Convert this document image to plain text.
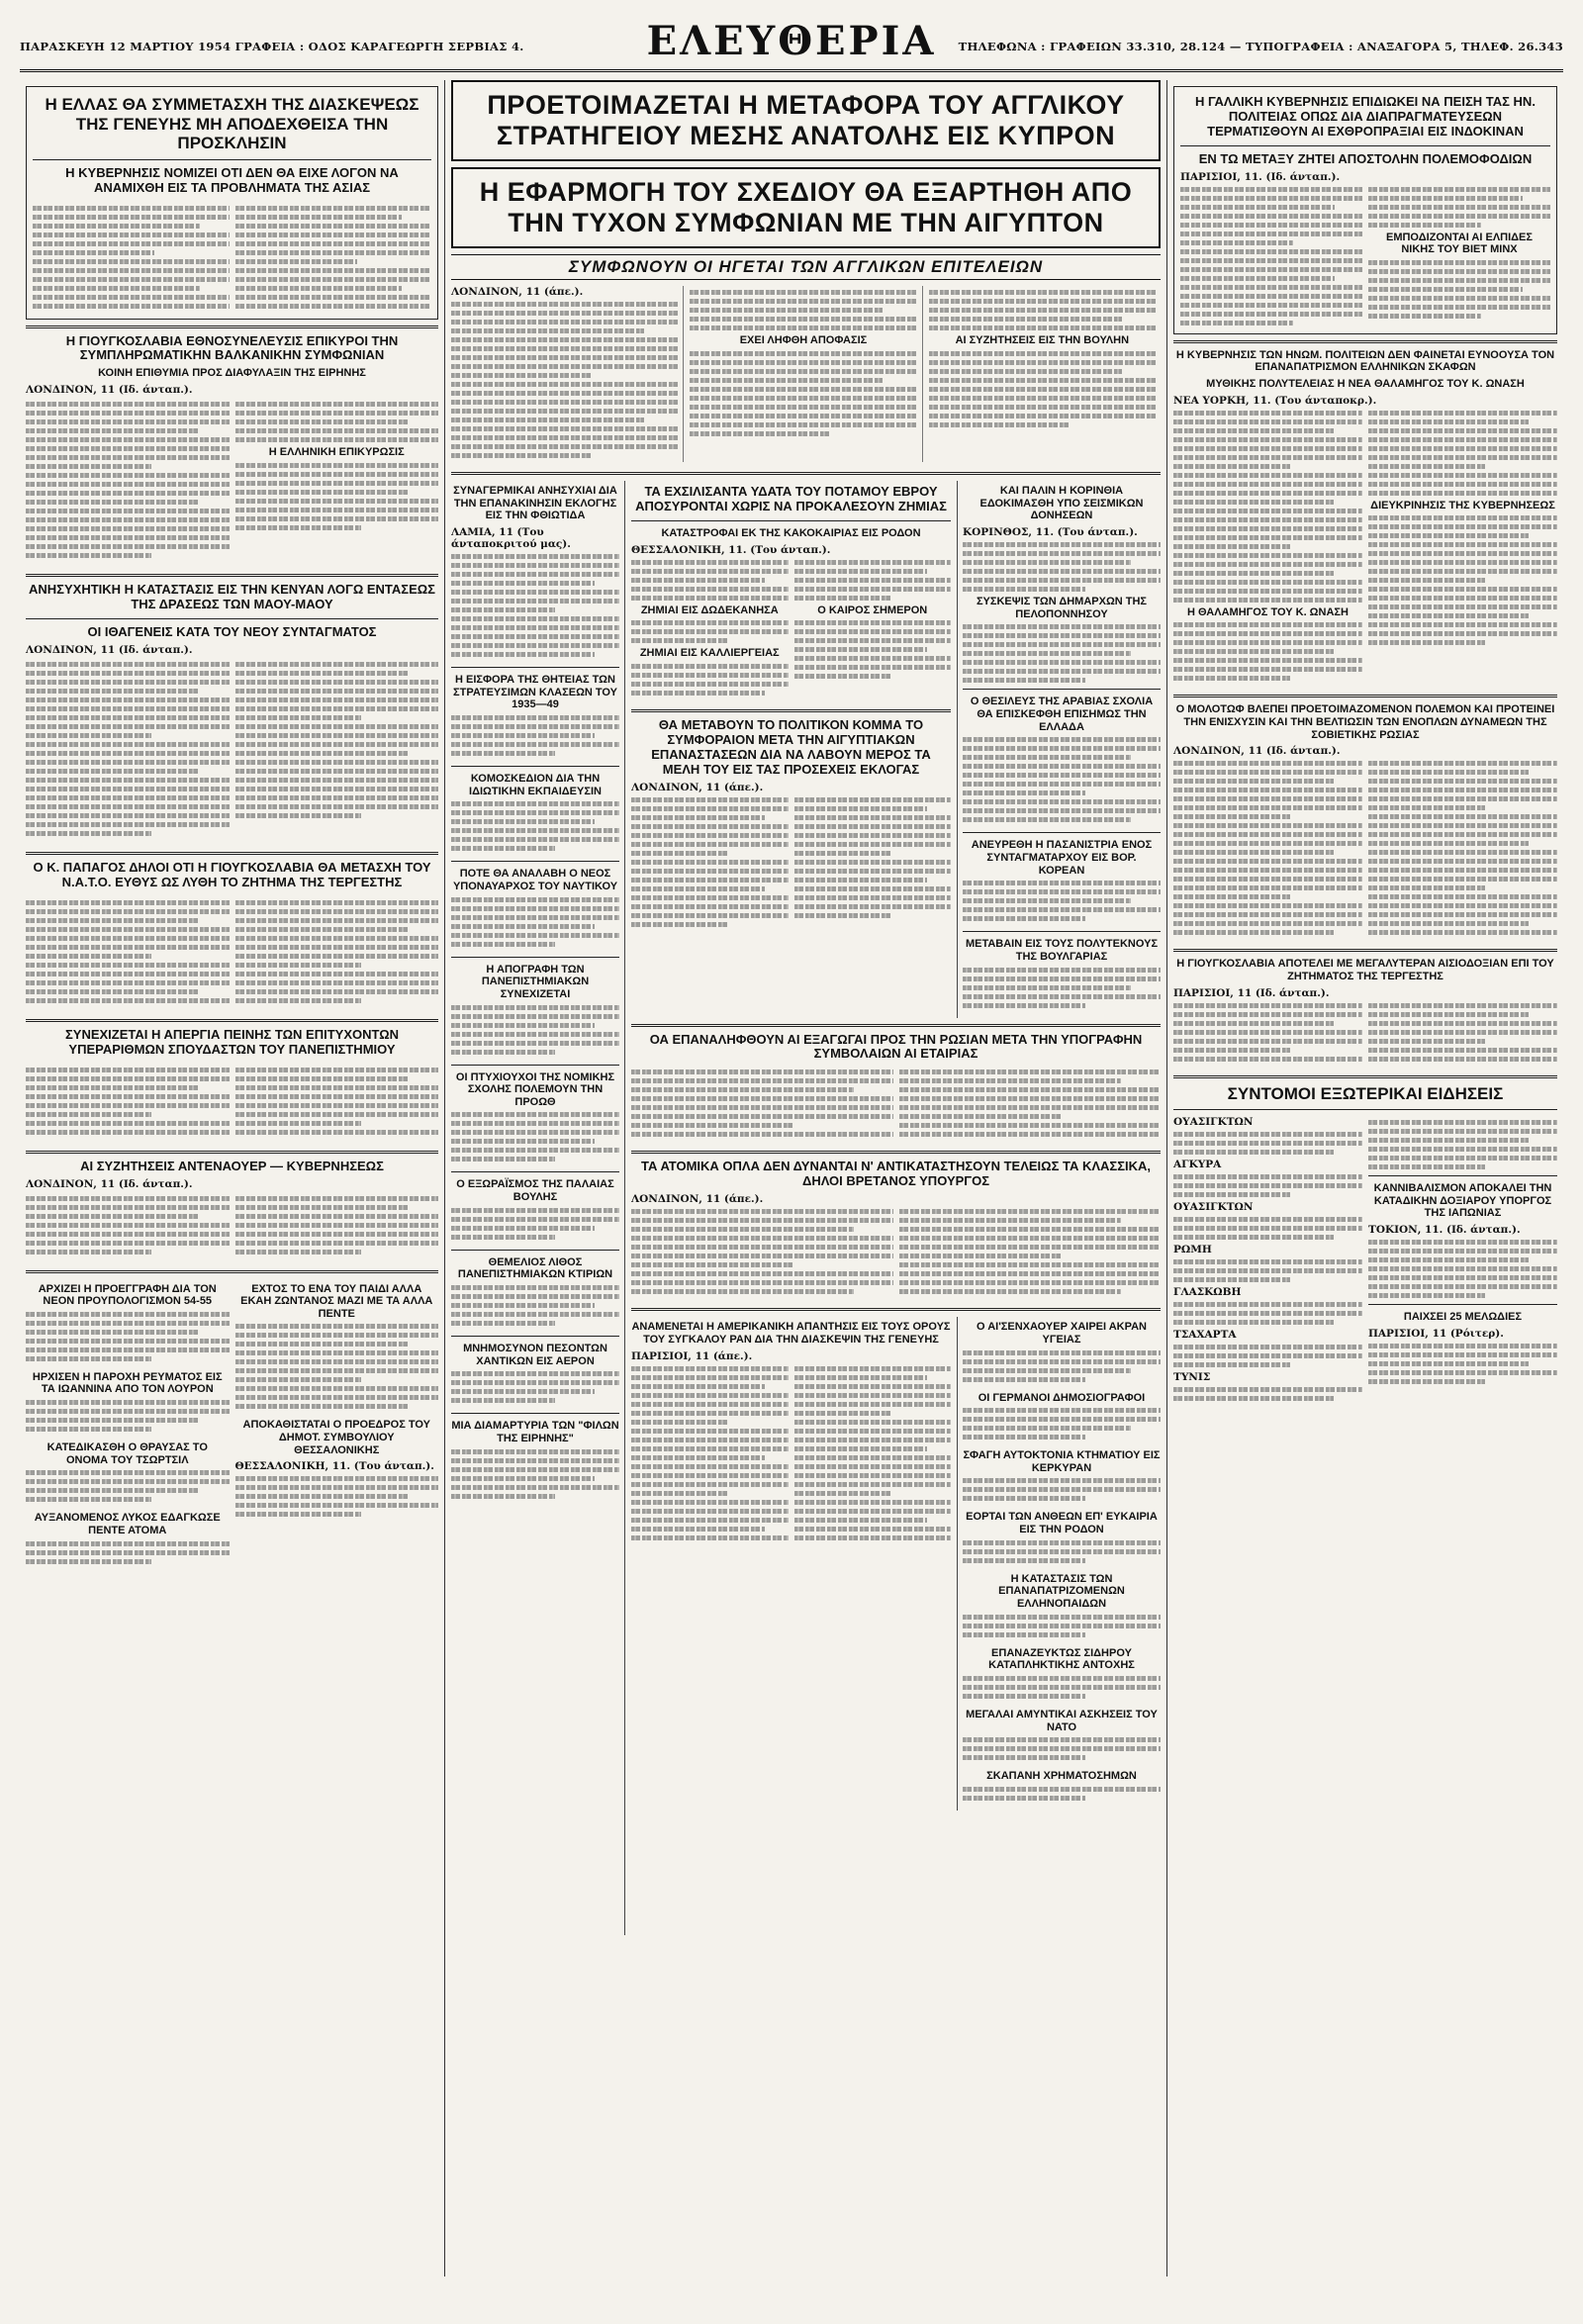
ΠΑΡΑΣΚΕΥΗ 12 ΜΑΡΤΙΟΥ 1954 ΓΡΑΦΕΙΑ : ΟΔΟΣ ΚΑΡΑΓΕΩΡΓΗ ΣΕΡΒΙΑΣ 4.	ΕΛΕΥΘΕΡΙΑ	ΤΗΛΕΦΩΝΑ : ΓΡΑΦΕΙΩΝ 33.310, 28.124 — ΤΥΠΟΓΡΑΦΕΙΑ : ΑΝΑΞΑΓΟΡΑ 5, ΤΗΛΕΦ. 26.343
Η ΕΛΛΑΣ ΘΑ ΣΥΜΜΕΤΑΣΧΗ ΤΗΣ ΔΙΑΣΚΕΨΕΩΣ ΤΗΣ ΓΕΝΕΥΗΣ ΜΗ ΑΠΟΔΕΧΘΕΙΣΑ ΤΗΝ ΠΡΟΣΚΛΗΣΙΝ
Η ΚΥΒΕΡΝΗΣΙΣ ΝΟΜΙΖΕΙ ΟΤΙ ΔΕΝ ΘΑ ΕΙΧΕ ΛΟΓΟΝ ΝΑ ΑΝΑΜΙΧΘΗ ΕΙΣ ΤΑ ΠΡΟΒΛΗΜΑΤΑ ΤΗΣ ΑΣΙΑΣ
Η ΓΙΟΥΓΚΟΣΛΑΒΙΑ ΕΘΝΟΣΥΝΕΛΕΥΣΙΣ ΕΠΙΚΥΡΟΙ ΤΗΝ ΣΥΜΠΛΗΡΩΜΑΤΙΚΗΝ ΒΑΛΚΑΝΙΚΗΝ ΣΥΜΦΩΝΙΑΝ
ΚΟΙΝΗ ΕΠΙΘΥΜΙΑ ΠΡΟΣ ΔΙΑΦΥΛΑΞΙΝ ΤΗΣ ΕΙΡΗΝΗΣ
ΛΟΝΔΙΝΟΝ, 11 (Ιδ. άνταπ.).
Η ΕΛΛΗΝΙΚΗ ΕΠΙΚΥΡΩΣΙΣ
ΑΝΗΣΥΧΗΤΙΚΗ Η ΚΑΤΑΣΤΑΣΙΣ ΕΙΣ ΤΗΝ ΚΕΝΥΑΝ ΛΟΓΩ ΕΝΤΑΣΕΩΣ ΤΗΣ ΔΡΑΣΕΩΣ ΤΩΝ ΜΑΟΥ-ΜΑΟΥ
ΟΙ ΙΘΑΓΕΝΕΙΣ ΚΑΤΑ ΤΟΥ ΝΕΟΥ ΣΥΝΤΑΓΜΑΤΟΣ
ΛΟΝΔΙΝΟΝ, 11 (Ιδ. άνταπ.).
Ο Κ. ΠΑΠΑΓΟΣ ΔΗΛΟΙ ΟΤΙ Η ΓΙΟΥΓΚΟΣΛΑΒΙΑ ΘΑ ΜΕΤΑΣΧΗ ΤΟΥ Ν.Α.Τ.Ο. ΕΥΘΥΣ ΩΣ ΛΥΘΗ ΤΟ ΖΗΤΗΜΑ ΤΗΣ ΤΕΡΓΕΣΤΗΣ
ΣΥΝΕΧΙΖΕΤΑΙ Η ΑΠΕΡΓΙΑ ΠΕΙΝΗΣ ΤΩΝ ΕΠΙΤΥΧΟΝΤΩΝ ΥΠΕΡΑΡΙΘΜΩΝ ΣΠΟΥΔΑΣΤΩΝ ΤΟΥ ΠΑΝΕΠΙΣΤΗΜΙΟΥ
ΑΙ ΣΥΖΗΤΗΣΕΙΣ ΑΝΤΕΝΑΟΥΕΡ — ΚΥΒΕΡΝΗΣΕΩΣ
ΛΟΝΔΙΝΟΝ, 11 (Ιδ. άνταπ.).
ΑΡΧΙΖΕΙ Η ΠΡΟΕΓΓΡΑΦΗ ΔΙΑ ΤΟΝ ΝΕΟΝ ΠΡΟΥΠΟΛΟΓΙΣΜΟΝ 54-55
ΗΡΧΙΣΕΝ Η ΠΑΡΟΧΗ ΡΕΥΜΑΤΟΣ ΕΙΣ ΤΑ ΙΩΑΝΝΙΝΑ ΑΠΟ ΤΟΝ ΛΟΥΡΟΝ
ΚΑΤΕΔΙΚΑΣΘΗ Ο ΘΡΑΥΣΑΣ ΤΟ ΟΝΟΜΑ ΤΟΥ ΤΣΩΡΤΣΙΛ
ΑΥΞΑΝΟΜΕΝΟΣ ΛΥΚΟΣ ΕΔΑΓΚΩΣΕ ΠΕΝΤΕ ΑΤΟΜΑ
ΕΧΤΟΣ ΤΟ ΕΝΑ ΤΟΥ ΠΑΙΔΙ ΑΛΛΑ ΕΚΑΗ ΖΩΝΤΑΝΟΣ ΜΑΖΙ ΜΕ ΤΑ ΑΛΛΑ ΠΕΝΤΕ
ΑΠΟΚΑΘΙΣΤΑΤΑΙ Ο ΠΡΟΕΔΡΟΣ ΤΟΥ ΔΗΜΟΤ. ΣΥΜΒΟΥΛΙΟΥ ΘΕΣΣΑΛΟΝΙΚΗΣ
ΘΕΣΣΑΛΟΝΙΚΗ, 11. (Του άνταπ.).
ΠΡΟΕΤΟΙΜΑΖΕΤΑΙ Η ΜΕΤΑΦΟΡΑ ΤΟΥ ΑΓΓΛΙΚΟΥ ΣΤΡΑΤΗΓΕΙΟΥ ΜΕΣΗΣ ΑΝΑΤΟΛΗΣ ΕΙΣ ΚΥΠΡΟΝ
Η ΕΦΑΡΜΟΓΗ ΤΟΥ ΣΧΕΔΙΟΥ ΘΑ ΕΞΑΡΤΗΘΗ ΑΠΟ ΤΗΝ ΤΥΧΟΝ ΣΥΜΦΩΝΙΑΝ ΜΕ ΤΗΝ ΑΙΓΥΠΤΟΝ
ΣΥΜΦΩΝΟΥΝ ΟΙ ΗΓΕΤΑΙ ΤΩΝ ΑΓΓΛΙΚΩΝ ΕΠΙΤΕΛΕΙΩΝ
ΛΟΝΔΙΝΟΝ, 11 (άπε.).
ΕΧΕΙ ΛΗΦΘΗ ΑΠΟΦΑΣΙΣ	ΑΙ ΣΥΖΗΤΗΣΕΙΣ ΕΙΣ ΤΗΝ ΒΟΥΛΗΝ
ΣΥΝΑΓΕΡΜΙΚΑΙ ΑΝΗΣΥΧΙΑΙ ΔΙΑ ΤΗΝ ΕΠΑΝΑΚΙΝΗΣΙΝ ΕΚΛΟΓΗΣ ΕΙΣ ΤΗΝ ΦΘΙΩΤΙΔΑ
ΛΑΜΙΑ, 11 (Του άνταποκριτού μας).
Η ΕΙΣΦΟΡΑ ΤΗΣ ΘΗΤΕΙΑΣ ΤΩΝ ΣΤΡΑΤΕΥΣΙΜΩΝ ΚΛΑΣΕΩΝ ΤΟΥ 1935—49
ΚΟΜΟΣΚΕΔΙΟΝ ΔΙΑ ΤΗΝ ΙΔΙΩΤΙΚΗΝ ΕΚΠΑΙΔΕΥΣΙΝ
ΠΟΤΕ ΘΑ ΑΝΑΛΑΒΗ Ο ΝΕΟΣ ΥΠΟΝΑΥΑΡΧΟΣ ΤΟΥ ΝΑΥΤΙΚΟΥ
Η ΑΠΟΓΡΑΦΗ ΤΩΝ ΠΑΝΕΠΙΣΤΗΜΙΑΚΩΝ ΣΥΝΕΧΙΖΕΤΑΙ
ΟΙ ΠΤΥΧΙΟΥΧΟΙ ΤΗΣ ΝΟΜΙΚΗΣ ΣΧΟΛΗΣ ΠΟΛΕΜΟΥΝ ΤΗΝ ΠΡΟΩΘ
Ο ΕΞΩΡΑΪΣΜΟΣ ΤΗΣ ΠΑΛΑΙΑΣ ΒΟΥΛΗΣ
ΘΕΜΕΛΙΟΣ ΛΙΘΟΣ ΠΑΝΕΠΙΣΤΗΜΙΑΚΩΝ ΚΤΙΡΙΩΝ
ΜΝΗΜΟΣΥΝΟΝ ΠΕΣΟΝΤΩΝ ΧΑΝΤΙΚΩΝ ΕΙΣ ΑΕΡΟΝ
ΜΙΑ ΔΙΑΜΑΡΤΥΡΙΑ ΤΩΝ "ΦΙΛΩΝ ΤΗΣ ΕΙΡΗΝΗΣ"
ΤΑ ΕΧΣΙΛΙΣΑΝΤΑ ΥΔΑΤΑ ΤΟΥ ΠΟΤΑΜΟΥ ΕΒΡΟΥ ΑΠΟΣΥΡΟΝΤΑΙ ΧΩΡΙΣ ΝΑ ΠΡΟΚΑΛΕΣΟΥΝ ΖΗΜΙΑΣ
ΚΑΤΑΣΤΡΟΦΑΙ ΕΚ ΤΗΣ ΚΑΚΟΚΑΙΡΙΑΣ ΕΙΣ ΡΟΔΟΝ
ΘΕΣΣΑΛΟΝΙΚΗ, 11. (Του άνταπ.).
ΖΗΜΙΑΙ ΕΙΣ ΔΩΔΕΚΑΝΗΣΑ
ΖΗΜΙΑΙ ΕΙΣ ΚΑΛΛΙΕΡΓΕΙΑΣ
Ο ΚΑΙΡΟΣ ΣΗΜΕΡΟΝ
ΘΑ ΜΕΤΑΒΟΥΝ ΤΟ ΠΟΛΙΤΙΚΟΝ ΚΟΜΜΑ ΤΟ ΣΥΜΦΟΡΑΙΟΝ ΜΕΤΑ ΤΗΝ ΑΙΓΥΠΤΙΑΚΩΝ ΕΠΑΝΑΣΤΑΣΕΩΝ ΔΙΑ ΝΑ ΛΑΒΟΥΝ ΜΕΡΟΣ ΤΑ ΜΕΛΗ ΤΟΥ ΕΙΣ ΤΑΣ ΠΡΟΣΕΧΕΙΣ ΕΚΛΟΓΑΣ
ΛΟΝΔΙΝΟΝ, 11 (άπε.).
ΚΑΙ ΠΑΛΙΝ Η ΚΟΡΙΝΘΙΑ ΕΔΟΚΙΜΑΣΘΗ ΥΠΟ ΣΕΙΣΜΙΚΩΝ ΔΟΝΗΣΕΩΝ
ΚΟΡΙΝΘΟΣ, 11. (Του άνταπ.).
ΣΥΣΚΕΨΙΣ ΤΩΝ ΔΗΜΑΡΧΩΝ ΤΗΣ ΠΕΛΟΠΟΝΝΗΣΟΥ
Ο ΘΕΣΙΛΕΥΣ ΤΗΣ ΑΡΑΒΙΑΣ ΣΧΟΛΙΑ ΘΑ ΕΠΙΣΚΕΦΘΗ ΕΠΙΣΗΜΩΣ ΤΗΝ ΕΛΛΑΔΑ
ΑΝΕΥΡΕΘΗ Η ΠΑΣΑΝΙΣΤΡΙΑ ΕΝΟΣ ΣΥΝΤΑΓΜΑΤΑΡΧΟΥ ΕΙΣ ΒΟΡ. ΚΟΡΕΑΝ
ΜΕΤΑΒΑΙΝ ΕΙΣ ΤΟΥΣ ΠΟΛΥΤΕΚΝΟΥΣ ΤΗΣ ΒΟΥΛΓΑΡΙΑΣ
ΟΑ ΕΠΑΝΑΛΗΦΘΟΥΝ ΑΙ ΕΞΑΓΩΓΑΙ ΠΡΟΣ ΤΗΝ ΡΩΣΙΑΝ ΜΕΤΑ ΤΗΝ ΥΠΟΓΡΑΦΗΝ ΣΥΜΒΟΛΑΙΩΝ ΑΙ ΕΤΑΙΡΙΑΣ
ΤΑ ΑΤΟΜΙΚΑ ΟΠΛΑ ΔΕΝ ΔΥΝΑΝΤΑΙ Ν' ΑΝΤΙΚΑΤΑΣΤΗΣΟΥΝ ΤΕΛΕΙΩΣ ΤΑ ΚΛΑΣΣΙΚΑ, ΔΗΛΟΙ ΒΡΕΤΑΝΟΣ ΥΠΟΥΡΓΟΣ
ΛΟΝΔΙΝΟΝ, 11 (άπε.).
ΑΝΑΜΕΝΕΤΑΙ Η ΑΜΕΡΙΚΑΝΙΚΗ ΑΠΑΝΤΗΣΙΣ ΕΙΣ ΤΟΥΣ ΟΡΟΥΣ ΤΟΥ ΣΥΓΚΑΛΟΥ ΡΑΝ ΔΙΑ ΤΗΝ ΔΙΑΣΚΕΨΙΝ ΤΗΣ ΓΕΝΕΥΗΣ
ΠΑΡΙΣΙΟΙ, 11 (άπε.).
Ο ΑΙ'ΣΕΝΧΑΟΥΕΡ ΧΑΙΡΕΙ ΑΚΡΑΝ ΥΓΕΙΑΣ
ΟΙ ΓΕΡΜΑΝΟΙ ΔΗΜΟΣΙΟΓΡΑΦΟΙ
ΣΦΑΓΗ ΑΥΤΟΚΤΟΝΙΑ ΚΤΗΜΑΤΙΟΥ ΕΙΣ ΚΕΡΚΥΡΑΝ
ΕΟΡΤΑΙ ΤΩΝ ΑΝΘΕΩΝ ΕΠ' ΕΥΚΑΙΡΙΑ ΕΙΣ ΤΗΝ ΡΟΔΟΝ
Η ΚΑΤΑΣΤΑΣΙΣ ΤΩΝ ΕΠΑΝΑΠΑΤΡΙΖΟΜΕΝΩΝ ΕΛΛΗΝΟΠΑΙΔΩΝ
ΕΠΑΝΑΖΕΥΚΤΩΣ ΣΙΔΗΡΟΥ ΚΑΤΑΠΛΗΚΤΙΚΗΣ ΑΝΤΟΧΗΣ
ΜΕΓΑΛΑΙ ΑΜΥΝΤΙΚΑΙ ΑΣΚΗΣΕΙΣ ΤΟΥ ΝΑΤΟ
ΣΚΑΠΑΝΗ ΧΡΗΜΑΤΟΣΗΜΩΝ
Η ΓΑΛΛΙΚΗ ΚΥΒΕΡΝΗΣΙΣ ΕΠΙΔΙΩΚΕΙ ΝΑ ΠΕΙΣΗ ΤΑΣ ΗΝ. ΠΟΛΙΤΕΙΑΣ ΟΠΩΣ ΔΙΑ ΔΙΑΠΡΑΓΜΑΤΕΥΣΕΩΝ ΤΕΡΜΑΤΙΣΘΟΥΝ ΑΙ ΕΧΘΡΟΠΡΑΞΙΑΙ ΕΙΣ ΙΝΔΟΚΙΝΑΝ
ΕΝ ΤΩ ΜΕΤΑΞΥ ΖΗΤΕΙ ΑΠΟΣΤΟΛΗΝ ΠΟΛΕΜΟΦΟΔΙΩΝ
ΠΑΡΙΣΙΟΙ, 11. (Ιδ. άνταπ.).
ΕΜΠΟΔΙΖΟΝΤΑΙ ΑΙ ΕΛΠΙΔΕΣ ΝΙΚΗΣ ΤΟΥ ΒΙΕΤ ΜΙΝΧ
Η ΚΥΒΕΡΝΗΣΙΣ ΤΩΝ ΗΝΩΜ. ΠΟΛΙΤΕΙΩΝ ΔΕΝ ΦΑΙΝΕΤΑΙ ΕΥΝΟΟΥΣΑ ΤΟΝ ΕΠΑΝΑΠΑΤΡΙΣΜΟΝ ΕΛΛΗΝΙΚΩΝ ΣΚΑΦΩΝ
ΜΥΘΙΚΗΣ ΠΟΛΥΤΕΛΕΙΑΣ Η ΝΕΑ ΘΑΛΑΜΗΓΟΣ ΤΟΥ Κ. ΩΝΑΣΗ
ΝΕΑ ΥΟΡΚΗ, 11. (Του άνταποκρ.).
Η ΘΑΛΑΜΗΓΟΣ ΤΟΥ Κ. ΩΝΑΣΗ
ΔΙΕΥΚΡΙΝΗΣΙΣ ΤΗΣ ΚΥΒΕΡΝΗΣΕΩΣ
Ο ΜΟΛΟΤΩΦ ΒΛΕΠΕΙ ΠΡΟΕΤΟΙΜΑΖΟΜΕΝΟΝ ΠΟΛΕΜΟΝ ΚΑΙ ΠΡΟΤΕΙΝΕΙ ΤΗΝ ΕΝΙΣΧΥΣΙΝ ΚΑΙ ΤΗΝ ΒΕΛΤΙΩΣΙΝ ΤΩΝ ΕΝΟΠΛΩΝ ΔΥΝΑΜΕΩΝ ΤΗΣ ΣΟΒΙΕΤΙΚΗΣ ΡΩΣΙΑΣ
ΛΟΝΔΙΝΟΝ, 11 (Ιδ. άνταπ.).
Η ΓΙΟΥΓΚΟΣΛΑΒΙΑ ΑΠΟΤΕΛΕΙ ΜΕ ΜΕΓΑΛΥΤΕΡΑΝ ΑΙΣΙΟΔΟΞΙΑΝ ΕΠΙ ΤΟΥ ΖΗΤΗΜΑΤΟΣ ΤΗΣ ΤΕΡΓΕΣΤΗΣ
ΠΑΡΙΣΙΟΙ, 11 (Ιδ. άνταπ.).
ΣΥΝΤΟΜΟΙ ΕΞΩΤΕΡΙΚΑΙ ΕΙΔΗΣΕΙΣ
ΟΥΑΣΙΓΚΤΩΝ
ΑΓΚΥΡΑ
ΟΥΑΣΙΓΚΤΩΝ
ΡΩΜΗ
ΓΛΑΣΚΩΒΗ
ΤΣΑΧΑΡΤΑ
ΤΥΝΙΣ
ΚΑΝΝΙΒΑΛΙΣΜΟΝ ΑΠΟΚΑΛΕΙ ΤΗΝ ΚΑΤΑΔΙΚΗΝ ΔΟΞΙΑΡΟΥ ΥΠΟΡΓΟΣ ΤΗΣ ΙΑΠΩΝΙΑΣ
ΤΟΚΙΟΝ, 11. (Ιδ. άνταπ.).
ΠΑΙΧΣΕΙ 25 ΜΕΛΩΔΙΕΣ
ΠΑΡΙΣΙΟΙ, 11 (Ρόιτερ).
